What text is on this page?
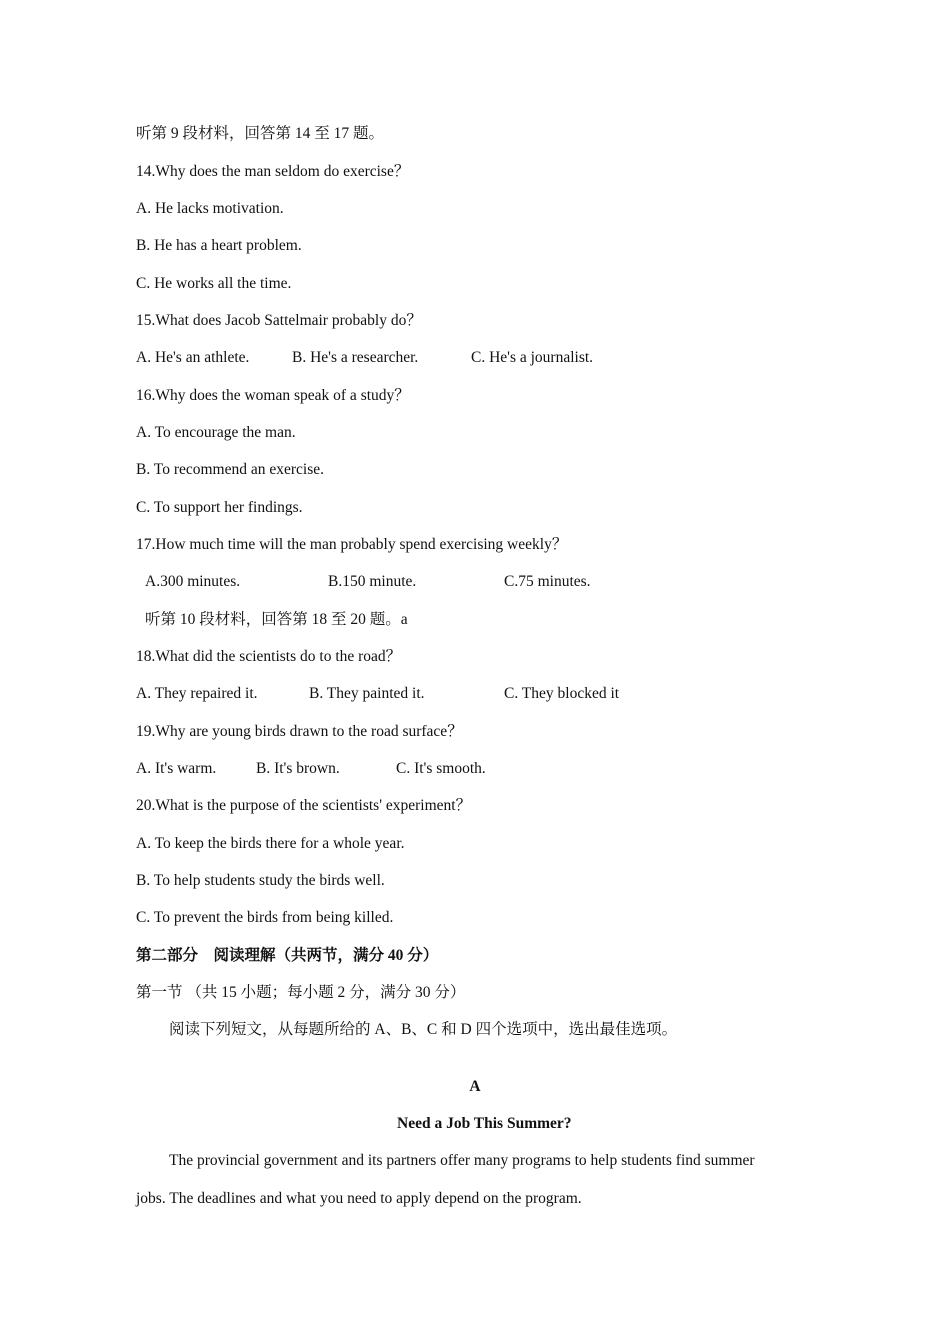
听第 9 段材料，回答第 14 至 17 题。
14.Why does the man seldom do exercise？
A. He lacks motivation.
B. He has a heart problem.
C. He works all the time.
15.What does Jacob Sattelmair probably do？
A. He's an athlete.	B. He's a researcher.	C. He's a journalist.
16.Why does the woman speak of a study？
A. To encourage the man.
B. To recommend an exercise.
C. To support her findings.
17.How much time will the man probably spend exercising weekly？
A.300 minutes.	B.150 minute.	C.75 minutes.
听第 10 段材料，回答第 18 至 20 题。a
18.What did the scientists do to the road？
A. They repaired it.	B. They painted it.	C. They blocked it
19.Why are young birds drawn to the road surface？
A. It's warm.	B. It's brown.	C. It's smooth.
20.What is the purpose of the scientists' experiment？
A. To keep the birds there for a whole year.
B. To help students study the birds well.
C. To prevent the birds from being killed.
第二部分　阅读理解（共两节，满分 40 分）
第一节 （共 15 小题；每小题 2 分，满分 30 分）
阅读下列短文，从每题所给的 A、B、C 和 D 四个选项中，选出最佳选项。
A
Need a Job This Summer?
The provincial government and its partners offer many programs to help students find summer
jobs. The deadlines and what you need to apply depend on the program.
